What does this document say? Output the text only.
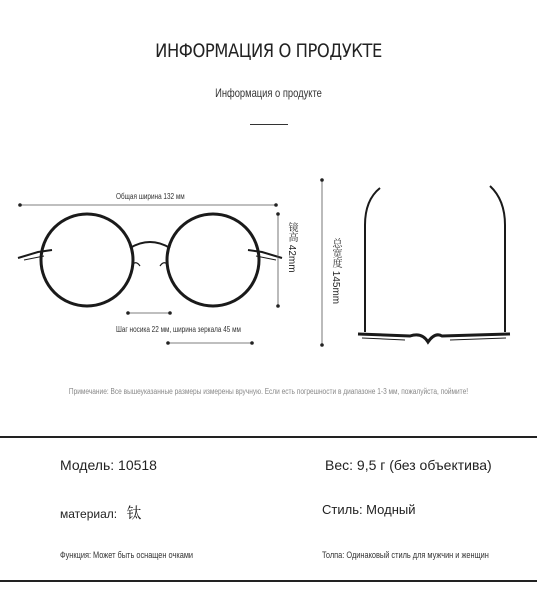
ИНФОРМАЦИЯ О ПРОДУКТЕ
Информация о продукте
Общая ширина 132 мм
镜高 42mm
Шаг носика 22 мм, ширина зеркала 45 мм
总宽度 145mm
Примечание: Все вышеуказанные размеры измерены вручную. Если есть погрешности в диапазоне 1-3 мм, пожалуйста, поймите!
Модель: 10518	Вес: 9,5 г (без объектива)
материал: 钛	Стиль: Модный
Функция: Может быть оснащен очками	Толпа: Одинаковый стиль для мужчин и женщин
